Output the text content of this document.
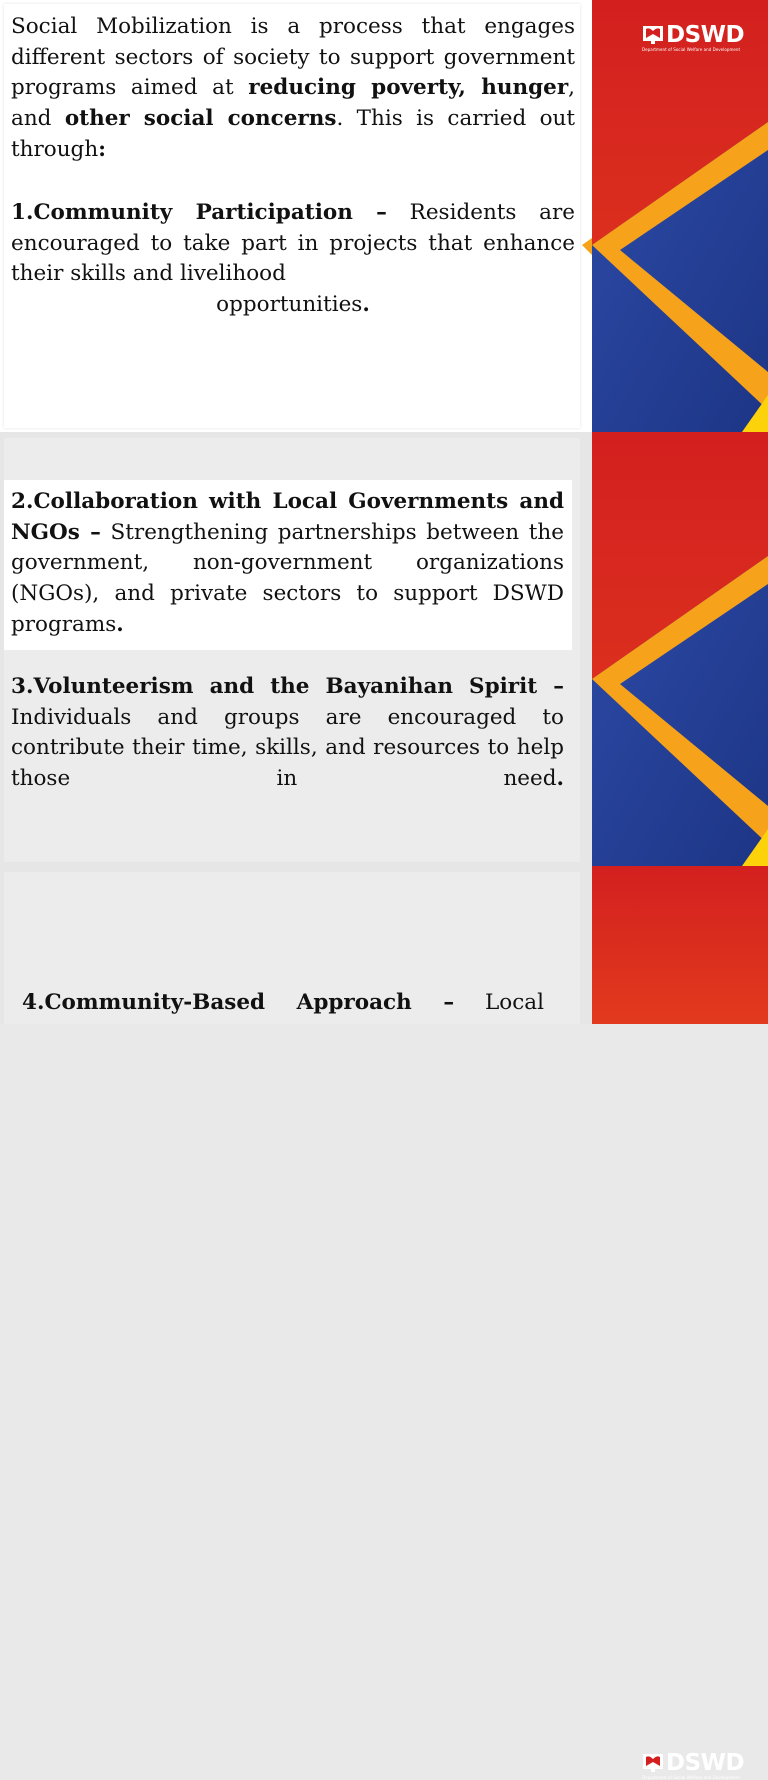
DSWD
Department of Social Welfare and Development
Social Mobilization is a process that engages different sectors of society to support government programs aimed at reducing poverty, hunger, and other social concerns. This is carried out through:
1.Community Participation – Residents are encouraged to take part in projects that enhance their skills and livelihood
opportunities.
2.Collaboration with Local Governments and NGOs – Strengthening partnerships between the government, non-government organizations (NGOs), and private sectors to support DSWD programs.
3.Volunteerism and the Bayanihan Spirit – Individuals and groups are encouraged to contribute their time, skills, and resources to help those in need.
DSWD
Department of Social Welfare and Development
4.Community-Based Approach – Local
